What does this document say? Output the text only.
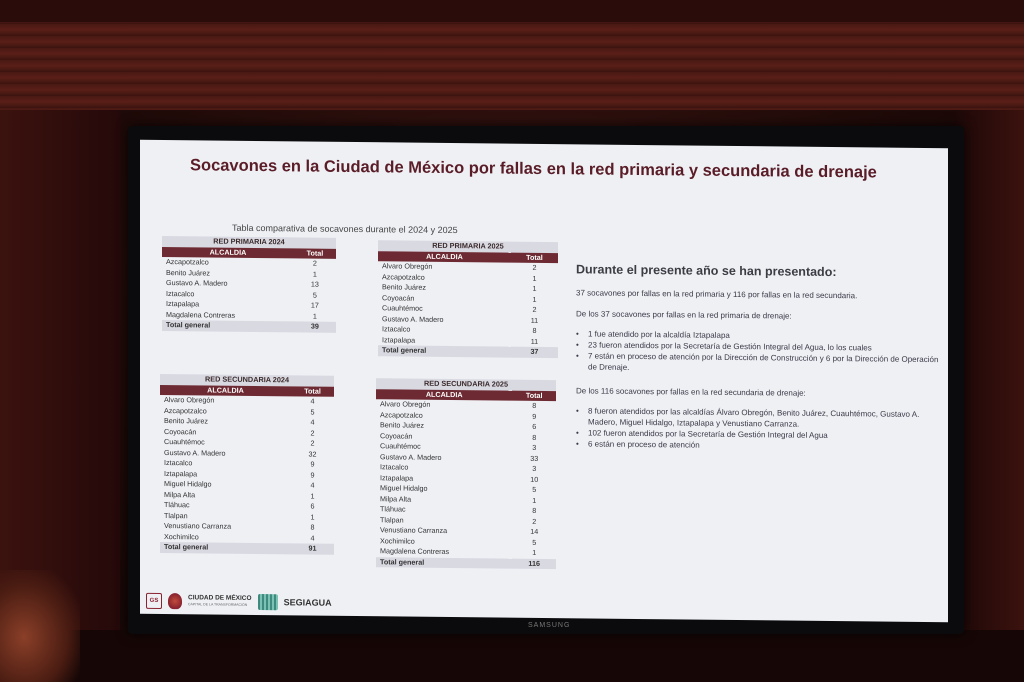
Socavones en la Ciudad de México por fallas en la red primaria y secundaria de drenaje
Tabla comparativa de socavones durante el 2024 y 2025
RED PRIMARIA 2024	
ALCALDIA	Total
Azcapotzalco	2
Benito Juárez	1
Gustavo A. Madero	13
Iztacalco	5
Iztapalapa	17
Magdalena Contreras	1
Total general	39
RED PRIMARIA 2025	
ALCALDIA	Total
Alvaro Obregón	2
Azcapotzalco	1
Benito Juárez	1
Coyoacán	1
Cuauhtémoc	2
Gustavo A. Madero	11
Iztacalco	8
Iztapalapa	11
Total general	37
RED SECUNDARIA 2024	
ALCALDIA	Total
Alvaro Obregón	4
Azcapotzalco	5
Benito Juárez	4
Coyoacán	2
Cuauhtémoc	2
Gustavo A. Madero	32
Iztacalco	9
Iztapalapa	9
Miguel Hidalgo	4
Milpa Alta	1
Tláhuac	6
Tlalpan	1
Venustiano Carranza	8
Xochimilco	4
Total general	91
RED SECUNDARIA 2025	
ALCALDIA	Total
Alvaro Obregón	8
Azcapotzalco	9
Benito Juárez	6
Coyoacán	8
Cuauhtémoc	3
Gustavo A. Madero	33
Iztacalco	3
Iztapalapa	10
Miguel Hidalgo	5
Milpa Alta	1
Tláhuac	8
Tlalpan	2
Venustiano Carranza	14
Xochimilco	5
Magdalena Contreras	1
Total general	116
Durante el presente año se han presentado:
37 socavones por fallas en la red primaria y 116 por fallas en la red secundaria.
De los 37 socavones por fallas en la red primaria de drenaje:
• 1 fue atendido por la alcaldía Iztapalapa
• 23 fueron atendidos por la Secretaría de Gestión Integral del Agua, lo los cuales
• 7 están en proceso de atención por la Dirección de Construcción y 6 por la Dirección de Operación de Drenaje.
De los 116 socavones por fallas en la red secundaria de drenaje:
• 8 fueron atendidos por las alcaldías Álvaro Obregón, Benito Juárez, Cuauhtémoc, Gustavo A. Madero, Miguel Hidalgo, Iztapalapa y Venustiano Carranza.
• 102 fueron atendidos por la Secretaría de Gestión Integral del Agua
• 6 están en proceso de atención
GS	CIUDAD DE MÉXICO
CAPITAL DE LA TRANSFORMACIÓN	SEGIAGUA
SAMSUNG
